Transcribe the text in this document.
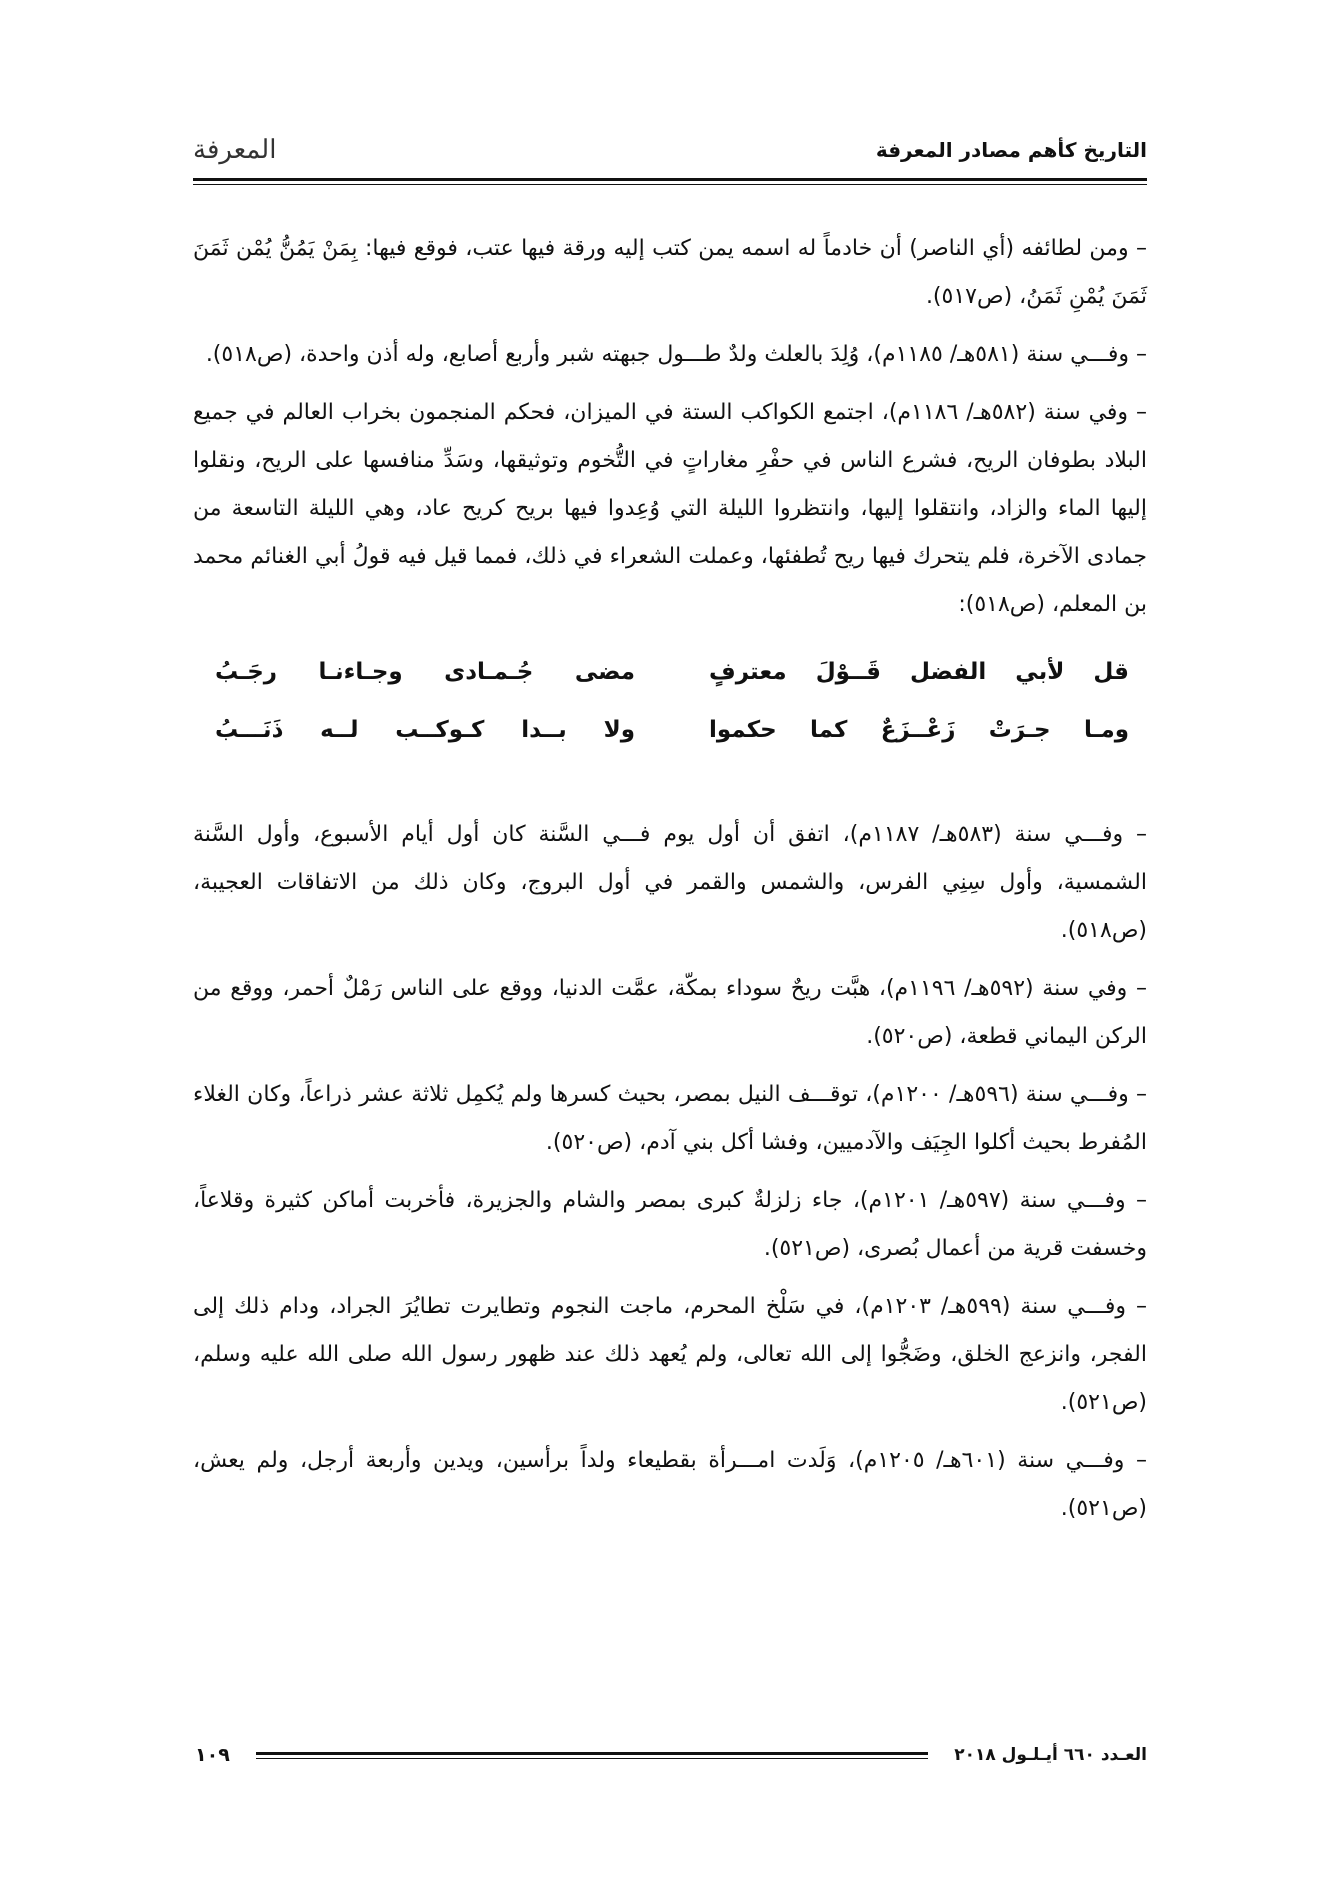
التاريخ كأهم مصادر المعرفة
المعرفة

– ومن لطائفه (أي الناصر) أن خادماً له اسمه يمن كتب إليه ورقة فيها عتب، فوقع فيها: بِمَنْ يَمُنُّ يُمْن ثَمَنَ ثَمَنَ يُمْنِ ثَمَنُ، (ص٥١٧).

– وفـــي سنة (٥٨١هـ/ ١١٨٥م)، وُلِدَ بالعلث ولدٌ طـــول جبهته شبر وأربع أصابع، وله أذن واحدة، (ص٥١٨).

– وفي سنة (٥٨٢هـ/ ١١٨٦م)، اجتمع الكواكب الستة في الميزان، فحكم المنجمون بخراب العالم في جميع البلاد بطوفان الريح، فشرع الناس في حفْرِ مغاراتٍ في التُّخوم وتوثيقها، وسَدِّ منافسها على الريح، ونقلوا إليها الماء والزاد، وانتقلوا إليها، وانتظروا الليلة التي وُعِدوا فيها بريح كريح عاد، وهي الليلة التاسعة من جمادى الآخرة، فلم يتحرك فيها ريح تُطفئها، وعملت الشعراء في ذلك، فمما قيل فيه قولُ أبي الغنائم محمد بن المعلم، (ص٥١٨):

قل لأبي الفضل قَــوْلَ معترفٍ
مضى جُـمـادى وجـاءنـا رجَـبُ
ومـا جـرَتْ زَعْــزَعٌ كما حكموا
ولا بــدا كـوكــب لــه ذَنَـــبُ

– وفـــي سنة (٥٨٣هـ/ ١١٨٧م)، اتفق أن أول يوم فـــي السَّنة كان أول أيام الأسبوع، وأول السَّنة الشمسية، وأول سِنِي الفرس، والشمس والقمر في أول البروج، وكان ذلك من الاتفاقات العجيبة، (ص٥١٨).

– وفي سنة (٥٩٢هـ/ ١١٩٦م)، هبَّت ريحٌ سوداء بمكّة، عمَّت الدنيا، ووقع على الناس رَمْلٌ أحمر، ووقع من الركن اليماني قطعة، (ص٥٢٠).

– وفـــي سنة (٥٩٦هـ/ ١٢٠٠م)، توقـــف النيل بمصر، بحيث كسرها ولم يُكمِل ثلاثة عشر ذراعاً، وكان الغلاء المُفرط بحيث أكلوا الجِيَف والآدميين، وفشا أكل بني آدم، (ص٥٢٠).

– وفـــي سنة (٥٩٧هـ/ ١٢٠١م)، جاء زلزلةٌ كبرى بمصر والشام والجزيرة، فأخربت أماكن كثيرة وقلاعاً، وخسفت قرية من أعمال بُصرى، (ص٥٢١).

– وفـــي سنة (٥٩٩هـ/ ١٢٠٣م)، في سَلْخ المحرم، ماجت النجوم وتطايرت تطايُرَ الجراد، ودام ذلك إلى الفجر، وانزعج الخلق، وضَجُّوا إلى الله تعالى، ولم يُعهد ذلك عند ظهور رسول الله صلى الله عليه وسلم، (ص٥٢١).

– وفـــي سنة (٦٠١هـ/ ١٢٠٥م)، وَلَدت امـــرأة بقطيعاء ولداً برأسين، ويدين وأربعة أرجل، ولم يعش، (ص٥٢١).

العـدد ٦٦٠ أيـلـول ٢٠١٨
١٠٩
